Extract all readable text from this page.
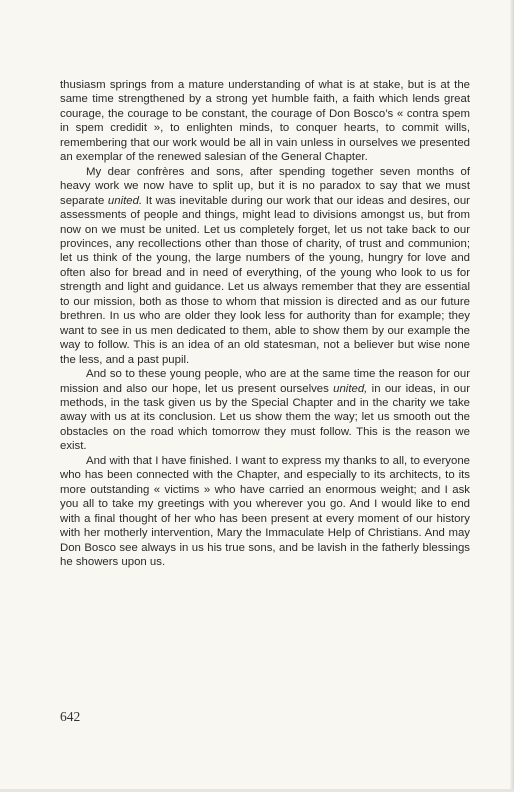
thusiasm springs from a mature understanding of what is at stake, but is at the same time strengthened by a strong yet humble faith, a faith which lends great courage, the courage to be constant, the courage of Don Bosco’s « contra spem in spem credidit », to enlighten minds, to conquer hearts, to commit wills, remembering that our work would be all in vain unless in ourselves we presented an exemplar of the renewed salesian of the General Chapter.

My dear confrères and sons, after spending together seven months of heavy work we now have to split up, but it is no paradox to say that we must separate united. It was inevitable during our work that our ideas and desires, our assessments of people and things, might lead to divisions amongst us, but from now on we must be united. Let us completely forget, let us not take back to our provinces, any recollections other than those of charity, of trust and communion; let us think of the young, the large numbers of the young, hungry for love and often also for bread and in need of everything, of the young who look to us for strength and light and guidance. Let us always remember that they are essential to our mission, both as those to whom that mission is directed and as our future brethren. In us who are older they look less for authority than for example; they want to see in us men dedicated to them, able to show them by our example the way to follow. This is an idea of an old statesman, not a believer but wise none the less, and a past pupil.

And so to these young people, who are at the same time the reason for our mission and also our hope, let us present ourselves united, in our ideas, in our methods, in the task given us by the Special Chapter and in the charity we take away with us at its conclusion. Let us show them the way; let us smooth out the obstacles on the road which tomorrow they must follow. This is the reason we exist.

And with that I have finished. I want to express my thanks to all, to everyone who has been connected with the Chapter, and especially to its architects, to its more outstanding « victims » who have carried an enormous weight; and I ask you all to take my greetings with you wherever you go. And I would like to end with a final thought of her who has been present at every moment of our history with her motherly intervention, Mary the Immaculate Help of Christians. And may Don Bosco see always in us his true sons, and be lavish in the fatherly blessings he showers upon us.

642
